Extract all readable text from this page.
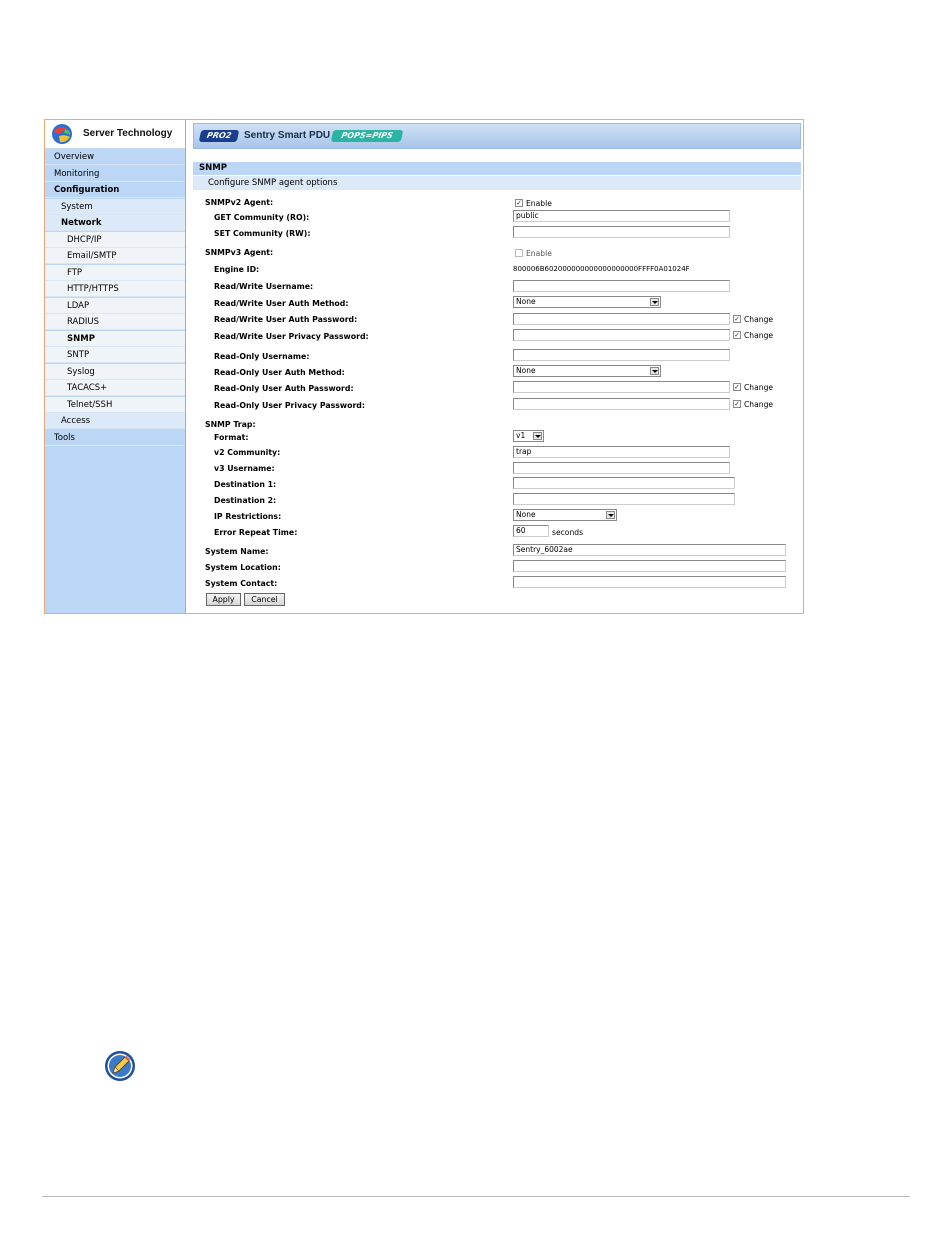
Server Technology
Overview
Monitoring
Configuration
System
Network
DHCP/IP
Email/SMTP
FTP
HTTP/HTTPS
LDAP
RADIUS
SNMP
SNTP
Syslog
TACACS+
Telnet/SSH
Access
Tools
PRO2	Sentry Smart PDU	POPS=PIPS
SNMP
Configure SNMP agent options
SNMPv2 Agent:	✓ Enable
GET Community (RO):	public
SET Community (RW):
SNMPv3 Agent:	Enable
Engine ID:	800006B602000000000000000000FFFF0A01024F
Read/Write Username:
Read/Write User Auth Method:	None
Read/Write User Auth Password:	✓ Change
Read/Write User Privacy Password:	✓ Change
Read-Only Username:
Read-Only User Auth Method:	None
Read-Only User Auth Password:	✓ Change
Read-Only User Privacy Password:	✓ Change
SNMP Trap:
Format:	v1
v2 Community:	trap
v3 Username:
Destination 1:
Destination 2:
IP Restrictions:	None
Error Repeat Time:	60	seconds
System Name:	Sentry_6002ae
System Location:
System Contact:
Apply	Cancel
